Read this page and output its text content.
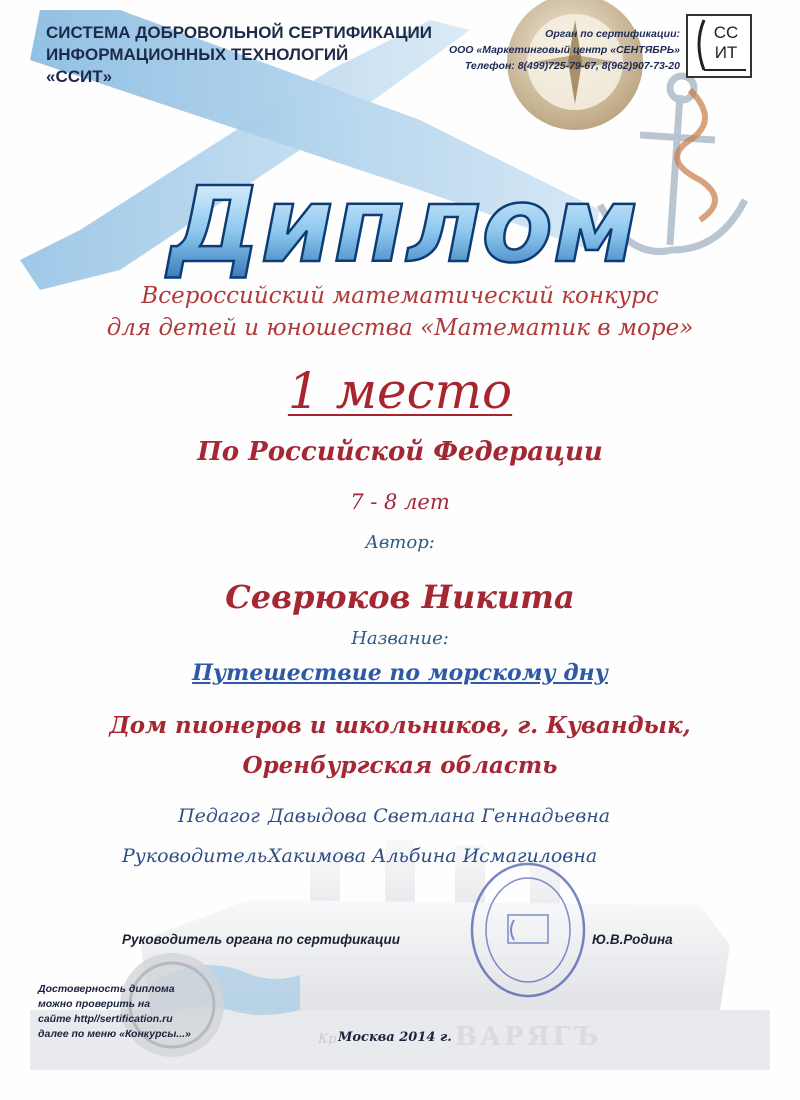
СИСТЕМА ДОБРОВОЛЬНОЙ СЕРТИФИКАЦИИ
ИНФОРМАЦИОННЫХ ТЕХНОЛОГИЙ
«ССИТ»
Орган по сертификации:
ООО «Маркетинговый центр «СЕНТЯБРЬ»
Телефон: 8(499)725-79-67, 8(962)907-73-20
СС
ИТ
Диплом
Всероссийский математический конкурс
для детей и юношества «Математик в море»
1 место
По Российской Федерации
7 - 8 лет
Автор:
Севрюков Никита
Название:
Путешествие по морскому дну
Дом пионеров и школьников, г. Кувандык,
Оренбургская область
Педагог Давыдова Светлана Геннадьевна
Руководитель Хакимова Альбина Исмагиловна
Руководитель органа по сертификации	Ю.В.Родина
Достоверность диплома
можно проверить на
сайте http//sertification.ru
далее по меню «Конкурсы...»	Кр Москва 2014 г. ВАРЯГЪ
